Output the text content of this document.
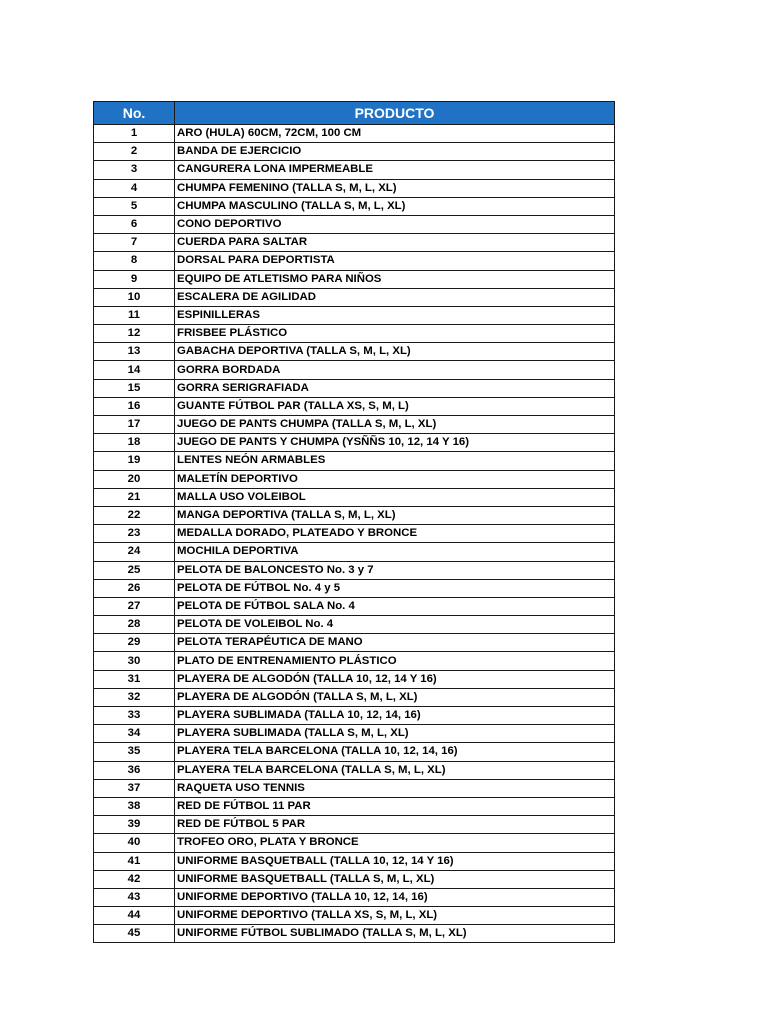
No.	PRODUCTO
1	ARO (HULA) 60CM, 72CM, 100 CM
2	BANDA DE EJERCICIO
3	CANGURERA LONA IMPERMEABLE
4	CHUMPA FEMENINO (TALLA S, M, L, XL)
5	CHUMPA MASCULINO (TALLA S, M, L, XL)
6	CONO DEPORTIVO
7	CUERDA PARA SALTAR
8	DORSAL PARA DEPORTISTA
9	EQUIPO DE ATLETISMO PARA NIÑOS
10	ESCALERA DE AGILIDAD
11	ESPINILLERAS
12	FRISBEE PLÁSTICO
13	GABACHA DEPORTIVA (TALLA S, M, L, XL)
14	GORRA BORDADA
15	GORRA SERIGRAFIADA
16	GUANTE FÚTBOL PAR (TALLA XS, S, M, L)
17	JUEGO DE PANTS CHUMPA (TALLA S, M, L, XL)
18	JUEGO DE PANTS Y CHUMPA (YSÑÑS 10, 12, 14 Y 16)
19	LENTES NEÓN ARMABLES
20	MALETÍN DEPORTIVO
21	MALLA USO VOLEIBOL
22	MANGA DEPORTIVA (TALLA S, M, L, XL)
23	MEDALLA DORADO, PLATEADO Y BRONCE
24	MOCHILA DEPORTIVA
25	PELOTA DE BALONCESTO No. 3 y 7
26	PELOTA DE FÚTBOL No. 4 y 5
27	PELOTA DE FÚTBOL SALA No. 4
28	PELOTA DE VOLEIBOL No. 4
29	PELOTA TERAPÉUTICA DE MANO
30	PLATO DE ENTRENAMIENTO PLÁSTICO
31	PLAYERA DE ALGODÓN (TALLA 10, 12, 14 Y 16)
32	PLAYERA DE ALGODÓN (TALLA S, M, L, XL)
33	PLAYERA SUBLIMADA (TALLA 10, 12, 14, 16)
34	PLAYERA SUBLIMADA (TALLA S, M, L, XL)
35	PLAYERA TELA BARCELONA (TALLA 10, 12, 14, 16)
36	PLAYERA TELA BARCELONA (TALLA S, M, L, XL)
37	RAQUETA USO TENNIS
38	RED DE FÚTBOL 11 PAR
39	RED DE FÚTBOL 5 PAR
40	TROFEO ORO, PLATA Y BRONCE
41	UNIFORME BASQUETBALL (TALLA 10, 12, 14 Y 16)
42	UNIFORME BASQUETBALL (TALLA S, M, L, XL)
43	UNIFORME DEPORTIVO (TALLA 10, 12, 14, 16)
44	UNIFORME DEPORTIVO (TALLA XS, S, M, L, XL)
45	UNIFORME FÚTBOL SUBLIMADO (TALLA S, M, L, XL)
